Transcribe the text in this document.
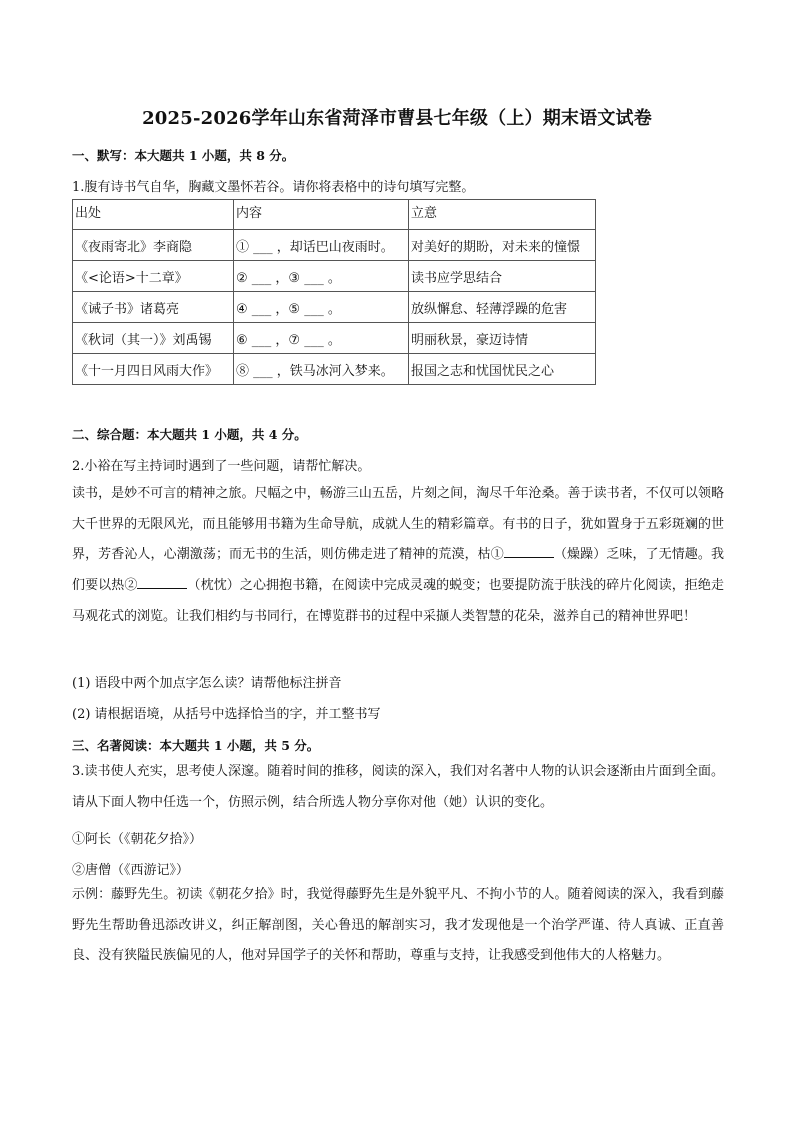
2025-2026学年山东省菏泽市曹县七年级（上）期末语文试卷
一、默写：本大题共 1 小题，共 8 分。
1.腹有诗书气自华，胸藏文墨怀若谷。请你将表格中的诗句填写完整。
出处	内容	立意
《夜雨寄北》李商隐	① ___ ，却话巴山夜雨时。	对美好的期盼，对未来的憧憬
《<论语>十二章》	② ___ ，③ ___ 。	读书应学思结合
《诫子书》诸葛亮	④ ___ ，⑤ ___ 。	放纵懈怠、轻薄浮躁的危害
《秋词（其一）》刘禹锡	⑥ ___ ，⑦ ___ 。	明丽秋景，豪迈诗情
《十一月四日风雨大作》	⑧ ___ ，铁马冰河入梦来。	报国之志和忧国忧民之心
二、综合题：本大题共 1 小题，共 4 分。
2.小裕在写主持词时遇到了一些问题，请帮忙解决。
读书，是妙不可言的精神之旅。尺幅之中，畅游三山五岳，片刻之间，淘尽千年沧桑。善于读书者，不仅可以领略大千世界的无限风光，而且能够用书籍为生命导航，成就人生的精彩篇章。有书的日子，犹如置身于五彩斑斓的世界，芳香沁人，心潮激荡；而无书的生活，则仿佛走进了精神的荒漠，枯①	（燥躁）乏味，了无情趣。我们要以热②	（枕忱）之心拥抱书籍，在阅读中完成灵魂的蜕变；也要提防流于肤浅的碎片化阅读，拒绝走马观花式的浏览。让我们相约与书同行，在博览群书的过程中采撷人类智慧的花朵，滋养自己的精神世界吧！
(1) 语段中两个加点字怎么读？请帮他标注拼音
(2) 请根据语境，从括号中选择恰当的字，并工整书写
三、名著阅读：本大题共 1 小题，共 5 分。
3.读书使人充实，思考使人深邃。随着时间的推移，阅读的深入，我们对名著中人物的认识会逐渐由片面到全面。请从下面人物中任选一个，仿照示例，结合所选人物分享你对他（她）认识的变化。
①阿长（《朝花夕拾》）
②唐僧（《西游记》）
示例：藤野先生。初读《朝花夕拾》时，我觉得藤野先生是外貌平凡、不拘小节的人。随着阅读的深入，我看到藤野先生帮助鲁迅添改讲义，纠正解剖图，关心鲁迅的解剖实习，我才发现他是一个治学严谨、待人真诚、正直善良、没有狭隘民族偏见的人，他对异国学子的关怀和帮助，尊重与支持，让我感受到他伟大的人格魅力。
